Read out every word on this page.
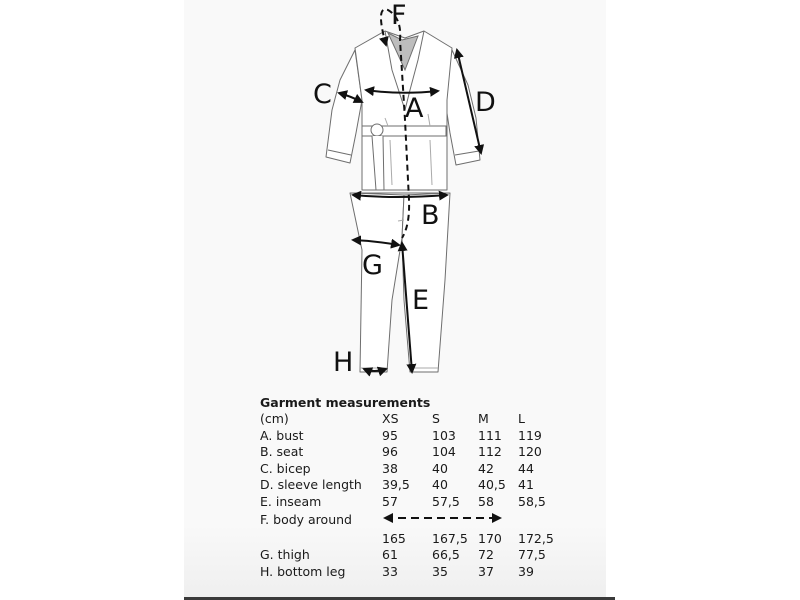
F
C	A D
B
G
E
H
Garment measurements
(cm)	XS	S	M	L
A. bust	95	103	111	119
B. seat	96	104	112	120
C. bicep	38	40	42	44
D. sleeve length	39,5	40	40,5	41
E. inseam	57	57,5	58	58,5
F. body around	
	165	167,5	170	172,5
G. thigh	61	66,5	72	77,5
H. bottom leg	33	35	37	39
